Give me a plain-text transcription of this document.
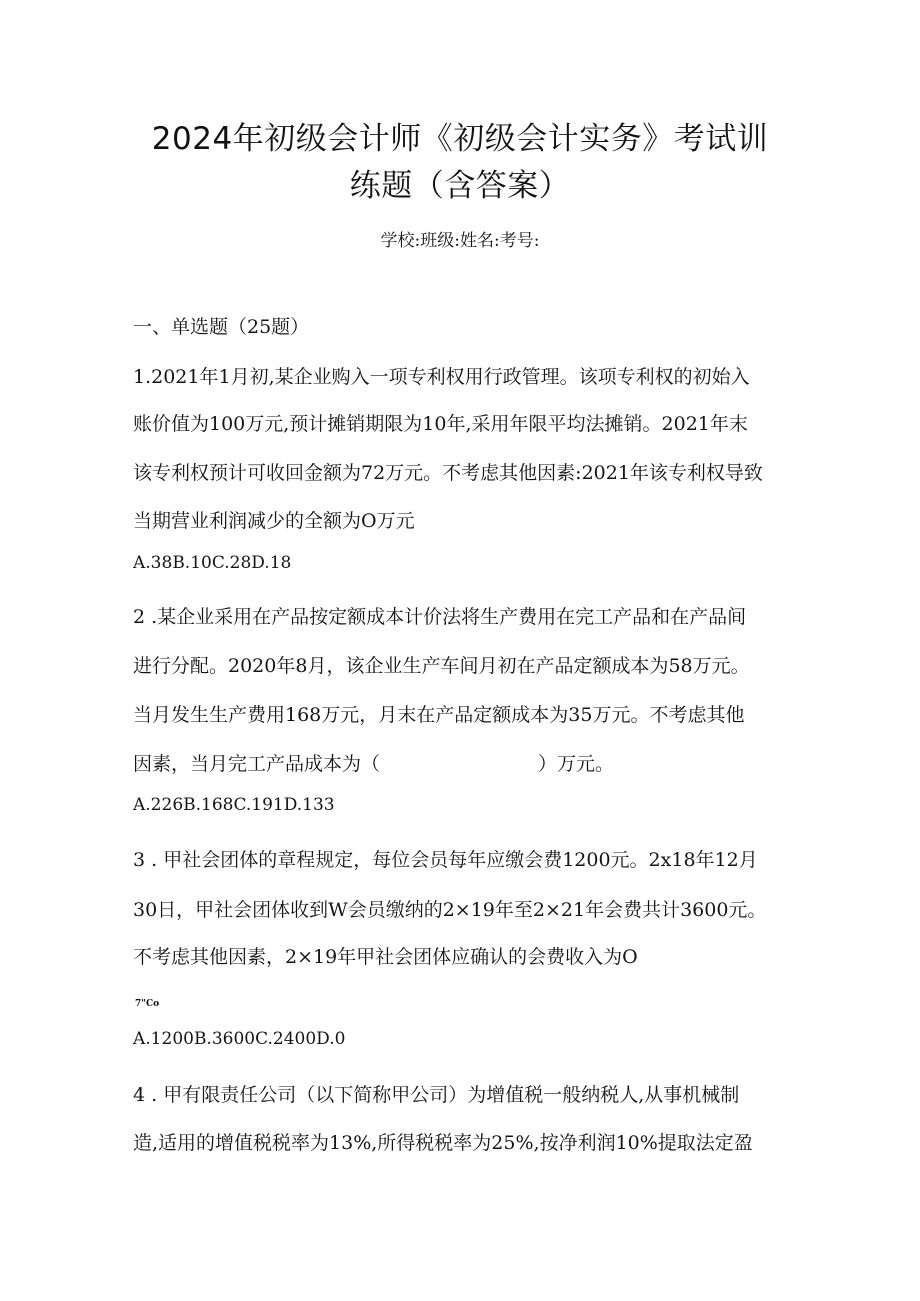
2024年初级会计师《初级会计实务》考试训
练题（含答案）
学校:班级:姓名:考号:
一、单选题（25题）
1.2021年1月初,某企业购入一项专利权用行政管理。该项专利权的初始入
账价值为100万元,预计摊销期限为10年,采用年限平均法摊销。2021年末
该专利权预计可收回金额为72万元。不考虑其他因素:2021年该专利权导致
当期营业利润减少的全额为O万元
A.38B.10C.28D.18
2 .某企业采用在产品按定额成本计价法将生产费用在完工产品和在产品间
进行分配。2020年8月，该企业生产车间月初在产品定额成本为58万元。
当月发生生产费用168万元，月末在产品定额成本为35万元。不考虑其他
因素，当月完工产品成本为（	）万元。
A.226B.168C.191D.133
3 . 甲社会团体的章程规定，每位会员每年应缴会费1200元。2x18年12月
30日，甲社会团体收到W会员缴纳的2×19年至2×21年会费共计3600元。
不考虑其他因素，2×19年甲社会团体应确认的会费收入为O
7"Co
A.1200B.3600C.2400D.0
4 . 甲有限责任公司（以下简称甲公司）为增值税一般纳税人,从事机械制
造,适用的增值税税率为13%,所得税税率为25%,按净利润10%提取法定盈
